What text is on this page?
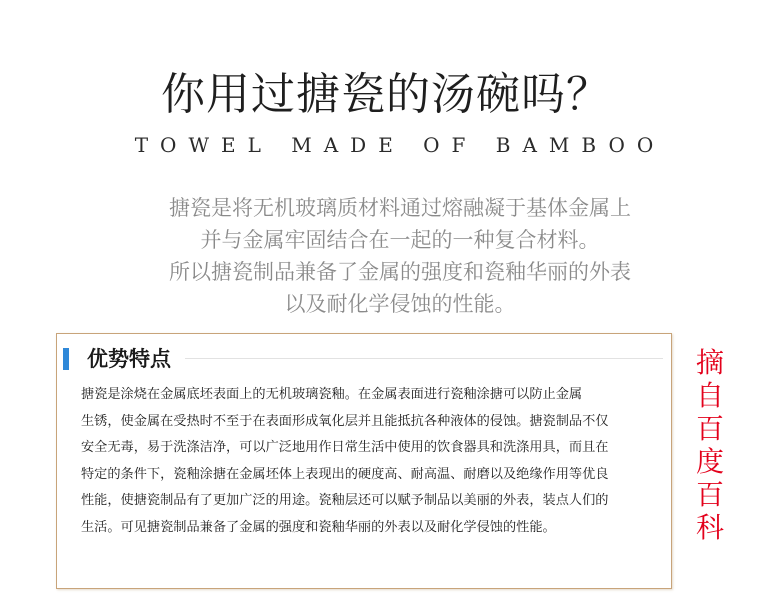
你用过搪瓷的汤碗吗？
TOWEL MADE OF BAMBOO
搪瓷是将无机玻璃质材料通过熔融凝于基体金属上
并与金属牢固结合在一起的一种复合材料。
所以搪瓷制品兼备了金属的强度和瓷釉华丽的外表
以及耐化学侵蚀的性能。
优势特点
搪瓷是涂烧在金属底坯表面上的无机玻璃瓷釉。在金属表面进行瓷釉涂搪可以防止金属
生锈，使金属在受热时不至于在表面形成氧化层并且能抵抗各种液体的侵蚀。搪瓷制品不仅
安全无毒，易于洗涤洁净，可以广泛地用作日常生活中使用的饮食器具和洗涤用具，而且在
特定的条件下，瓷釉涂搪在金属坯体上表现出的硬度高、耐高温、耐磨以及绝缘作用等优良
性能，使搪瓷制品有了更加广泛的用途。瓷釉层还可以赋予制品以美丽的外表，装点人们的
生活。可见搪瓷制品兼备了金属的强度和瓷釉华丽的外表以及耐化学侵蚀的性能。
摘
自
百
度
百
科
